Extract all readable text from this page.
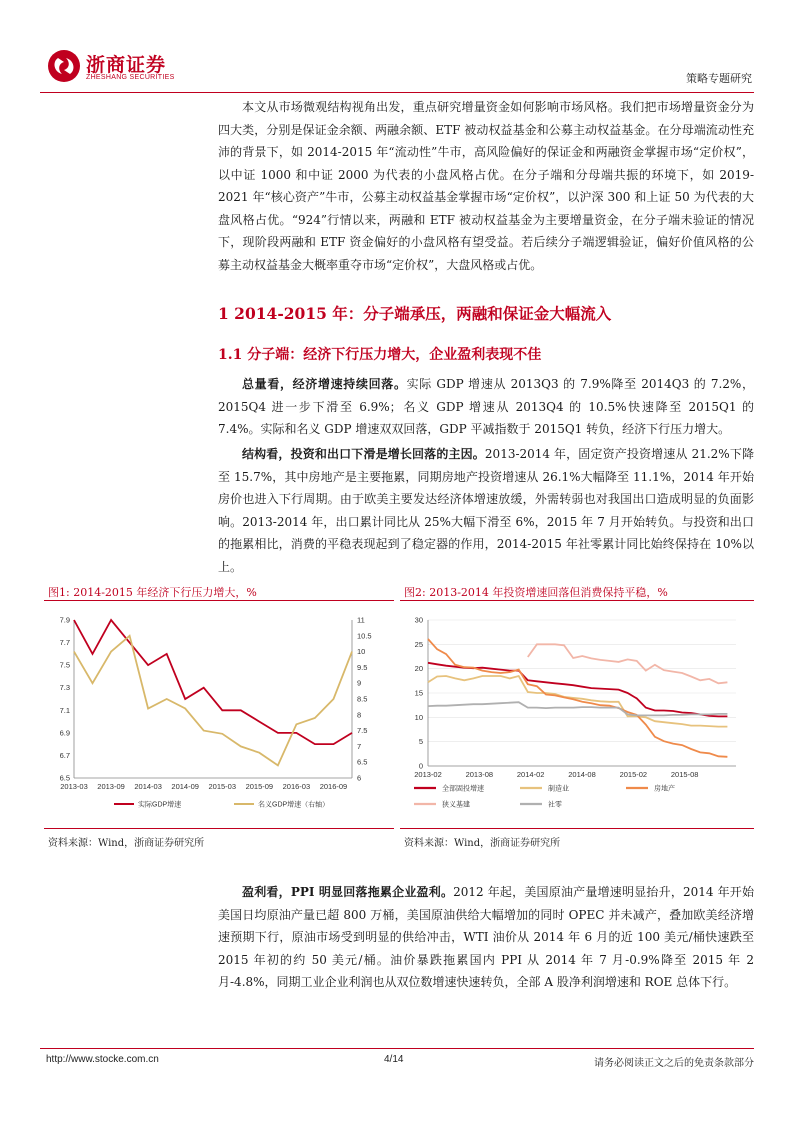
浙商证券
ZHESHANG SECURITIES	策略专题研究

本文从市场微观结构视角出发，重点研究增量资金如何影响市场风格。我们把市场增量资金分为四大类，分别是保证金余额、两融余额、ETF 被动权益基金和公募主动权益基金。在分母端流动性充沛的背景下，如 2014-2015 年“流动性”牛市，高风险偏好的保证金和两融资金掌握市场“定价权”，以中证 1000 和中证 2000 为代表的小盘风格占优。在分子端和分母端共振的环境下，如 2019-2021 年“核心资产”牛市，公募主动权益基金掌握市场“定价权”，以沪深 300 和上证 50 为代表的大盘风格占优。“924”行情以来，两融和 ETF 被动权益基金为主要增量资金，在分子端未验证的情况下，现阶段两融和 ETF 资金偏好的小盘风格有望受益。若后续分子端逻辑验证，偏好价值风格的公募主动权益基金大概率重夺市场“定价权”，大盘风格或占优。

1 2014-2015 年：分子端承压，两融和保证金大幅流入
1.1 分子端：经济下行压力增大，企业盈利表现不佳

总量看，经济增速持续回落。实际 GDP 增速从 2013Q3 的 7.9%降至 2014Q3 的 7.2%，2015Q4 进一步下滑至 6.9%；名义 GDP 增速从 2013Q4 的 10.5%快速降至 2015Q1 的 7.4%。实际和名义 GDP 增速双双回落，GDP 平减指数于 2015Q1 转负，经济下行压力增大。

结构看，投资和出口下滑是增长回落的主因。2013-2014 年，固定资产投资增速从 21.2%下降至 15.7%，其中房地产是主要拖累，同期房地产投资增速从 26.1%大幅降至 11.1%，2014 年开始房价也进入下行周期。由于欧美主要发达经济体增速放缓，外需转弱也对我国出口造成明显的负面影响。2013-2014 年，出口累计同比从 25%大幅下滑至 6%，2015 年 7 月开始转负。与投资和出口的拖累相比，消费的平稳表现起到了稳定器的作用，2014-2015 年社零累计同比始终保持在 10%以上。

图1: 2014-2015 年经济下行压力增大，%
6.5
6.7
6.9
7.1
7.3
7.5
7.7
7.9
6
6.5
7
7.5
8
8.5
9
9.5
10
10.5
11
2013-03 2013-09 2014-03 2014-09 2015-03 2015-09 2016-03 2016-09
实际GDP增速	名义GDP增速（右轴）
资料来源：Wind，浙商证券研究所
图2: 2013-2014 年投资增速回落但消费保持平稳，%
0
5
10
15
20
25
30
2013-02	2013-08	2014-02	2014-08	2015-02	2015-08
全部固投增速	制造业	房地产
狭义基建	社零
资料来源：Wind，浙商证券研究所

盈利看，PPI 明显回落拖累企业盈利。2012 年起，美国原油产量增速明显抬升，2014 年开始美国日均原油产量已超 800 万桶，美国原油供给大幅增加的同时 OPEC 并未减产，叠加欧美经济增速预期下行，原油市场受到明显的供给冲击，WTI 油价从 2014 年 6 月的近 100 美元/桶快速跌至 2015 年初的约 50 美元/桶。油价暴跌拖累国内 PPI 从 2014 年 7 月-0.9%降至 2015 年 2 月-4.8%，同期工业企业利润也从双位数增速快速转负，全部 A 股净利润增速和 ROE 总体下行。

http://www.stocke.com.cn	4/14	请务必阅读正文之后的免责条款部分
